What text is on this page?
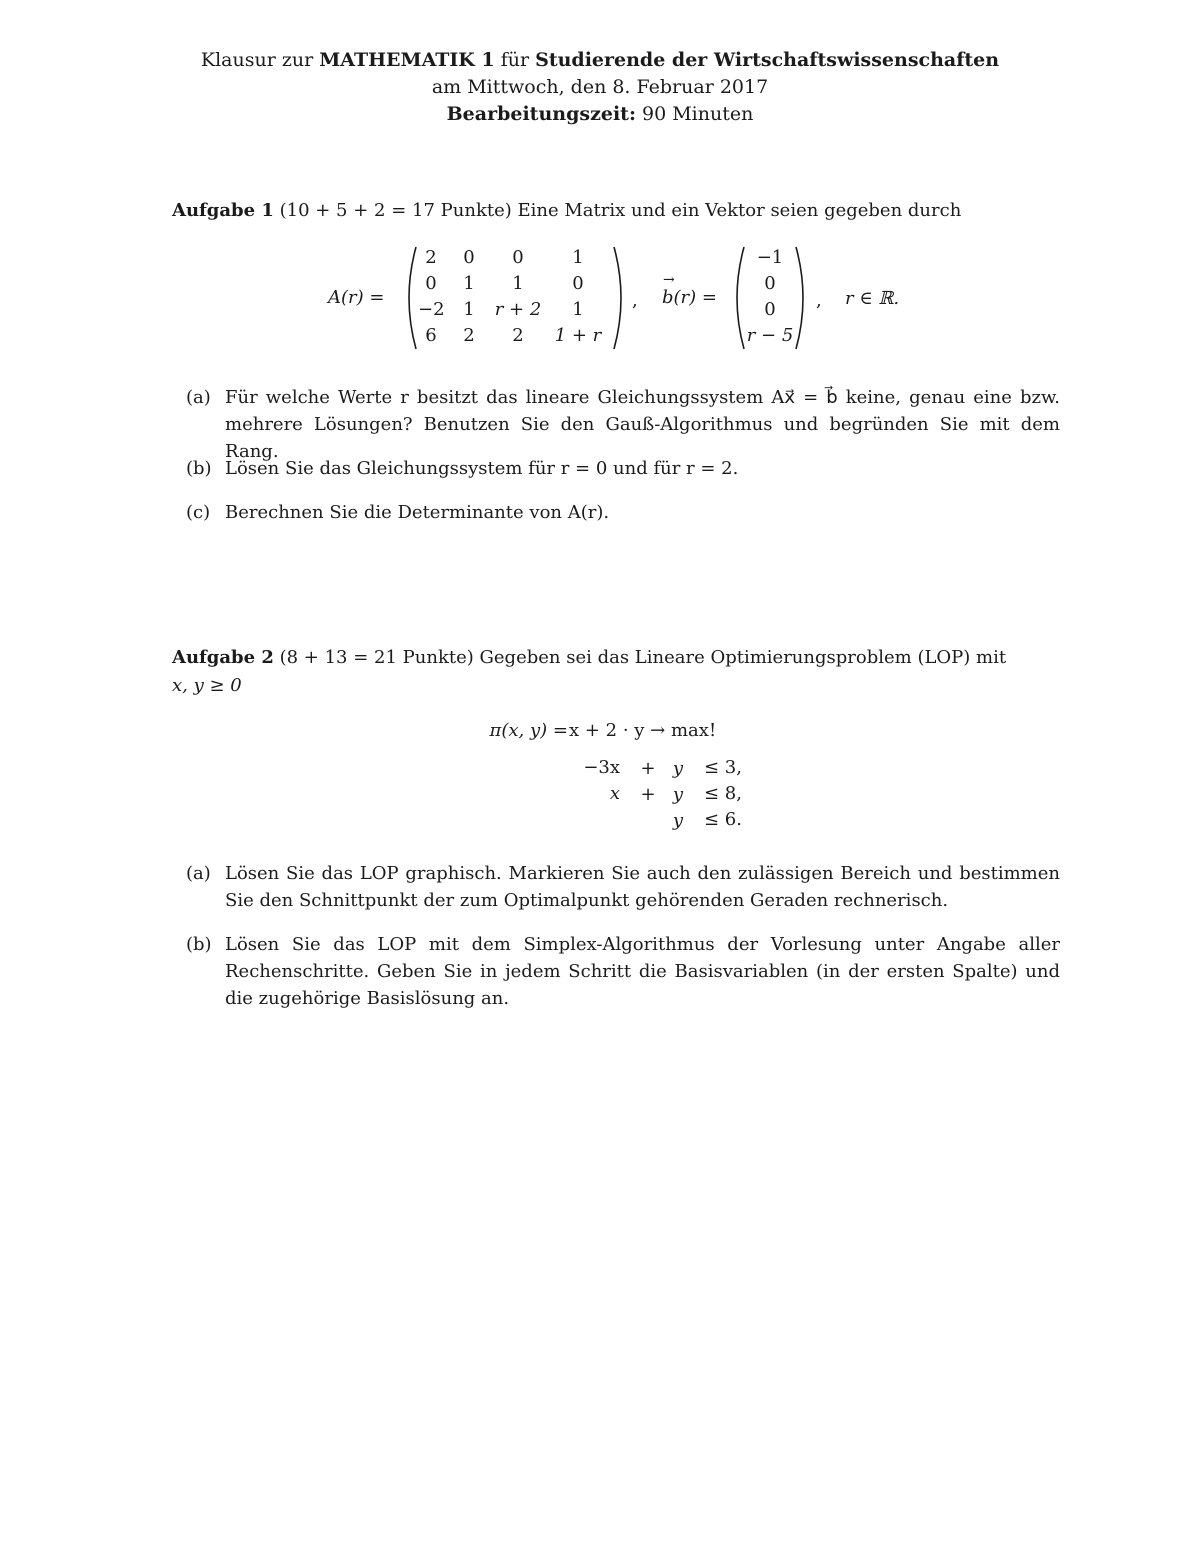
Klausur zur MATHEMATIK 1 für Studierende der Wirtschaftswissenschaften
am Mittwoch, den 8. Februar 2017
Bearbeitungszeit: 90 Minuten
Aufgabe 1 (10 + 5 + 2 = 17 Punkte) Eine Matrix und ein Vektor seien gegeben durch
A(r) =
2	0	0	1
0	1	1	0
−2	1	r + 2	1
6	2	2	1 + r
,
→
b(r) =
−1
0
0
r − 5
, r ∈ ℝ.
(a) Für welche Werte r besitzt das lineare Gleichungssystem Ax⃗ = b⃗ keine, genau eine bzw. mehrere Lösungen? Benutzen Sie den Gauß-Algorithmus und begründen Sie mit dem Rang.
(b) Lösen Sie das Gleichungssystem für r = 0 und für r = 2.
(c) Berechnen Sie die Determinante von A(r).
Aufgabe 2 (8 + 13 = 21 Punkte) Gegeben sei das Lineare Optimierungsproblem (LOP) mit
x, y ≥ 0
π(x, y) = x + 2 · y → max!
−3x + y ≤ 3,
x + y ≤ 8,
y ≤ 6.
(a) Lösen Sie das LOP graphisch. Markieren Sie auch den zulässigen Bereich und bestimmen Sie den Schnittpunkt der zum Optimalpunkt gehörenden Geraden rechnerisch.
(b) Lösen Sie das LOP mit dem Simplex-Algorithmus der Vorlesung unter Angabe aller Rechenschritte. Geben Sie in jedem Schritt die Basisvariablen (in der ersten Spalte) und die zugehörige Basislösung an.
